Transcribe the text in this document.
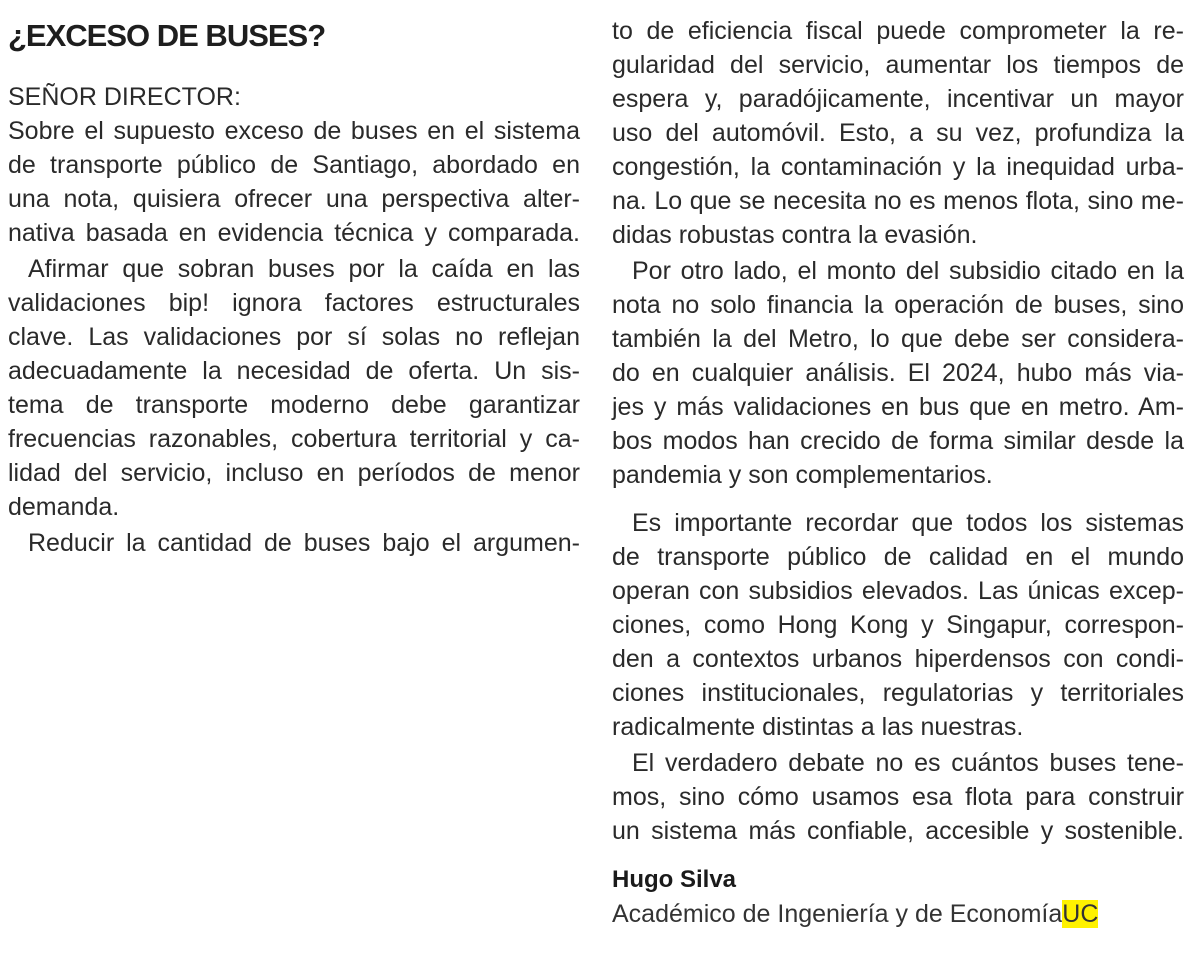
¿EXCESO DE BUSES?
SEÑOR DIRECTOR:
Sobre el supuesto exceso de buses en el sistema
de transporte público de Santiago, abordado en
una nota, quisiera ofrecer una perspectiva alter-
nativa basada en evidencia técnica y comparada.
Afirmar que sobran buses por la caída en las
validaciones bip! ignora factores estructurales
clave. Las validaciones por sí solas no reflejan
adecuadamente la necesidad de oferta. Un sis-
tema de transporte moderno debe garantizar
frecuencias razonables, cobertura territorial y ca-
lidad del servicio, incluso en períodos de menor
demanda.
Reducir la cantidad de buses bajo el argumen-
to de eficiencia fiscal puede comprometer la re-
gularidad del servicio, aumentar los tiempos de
espera y, paradójicamente, incentivar un mayor
uso del automóvil. Esto, a su vez, profundiza la
congestión, la contaminación y la inequidad urba-
na. Lo que se necesita no es menos flota, sino me-
didas robustas contra la evasión.
Por otro lado, el monto del subsidio citado en la
nota no solo financia la operación de buses, sino
también la del Metro, lo que debe ser considera-
do en cualquier análisis. El 2024, hubo más via-
jes y más validaciones en bus que en metro. Am-
bos modos han crecido de forma similar desde la
pandemia y son complementarios.
Es importante recordar que todos los sistemas
de transporte público de calidad en el mundo
operan con subsidios elevados. Las únicas excep-
ciones, como Hong Kong y Singapur, correspon-
den a contextos urbanos hiperdensos con condi-
ciones institucionales, regulatorias y territoriales
radicalmente distintas a las nuestras.
El verdadero debate no es cuántos buses tene-
mos, sino cómo usamos esa flota para construir
un sistema más confiable, accesible y sostenible.
Hugo Silva
Académico de Ingeniería y de EconomíaUC
